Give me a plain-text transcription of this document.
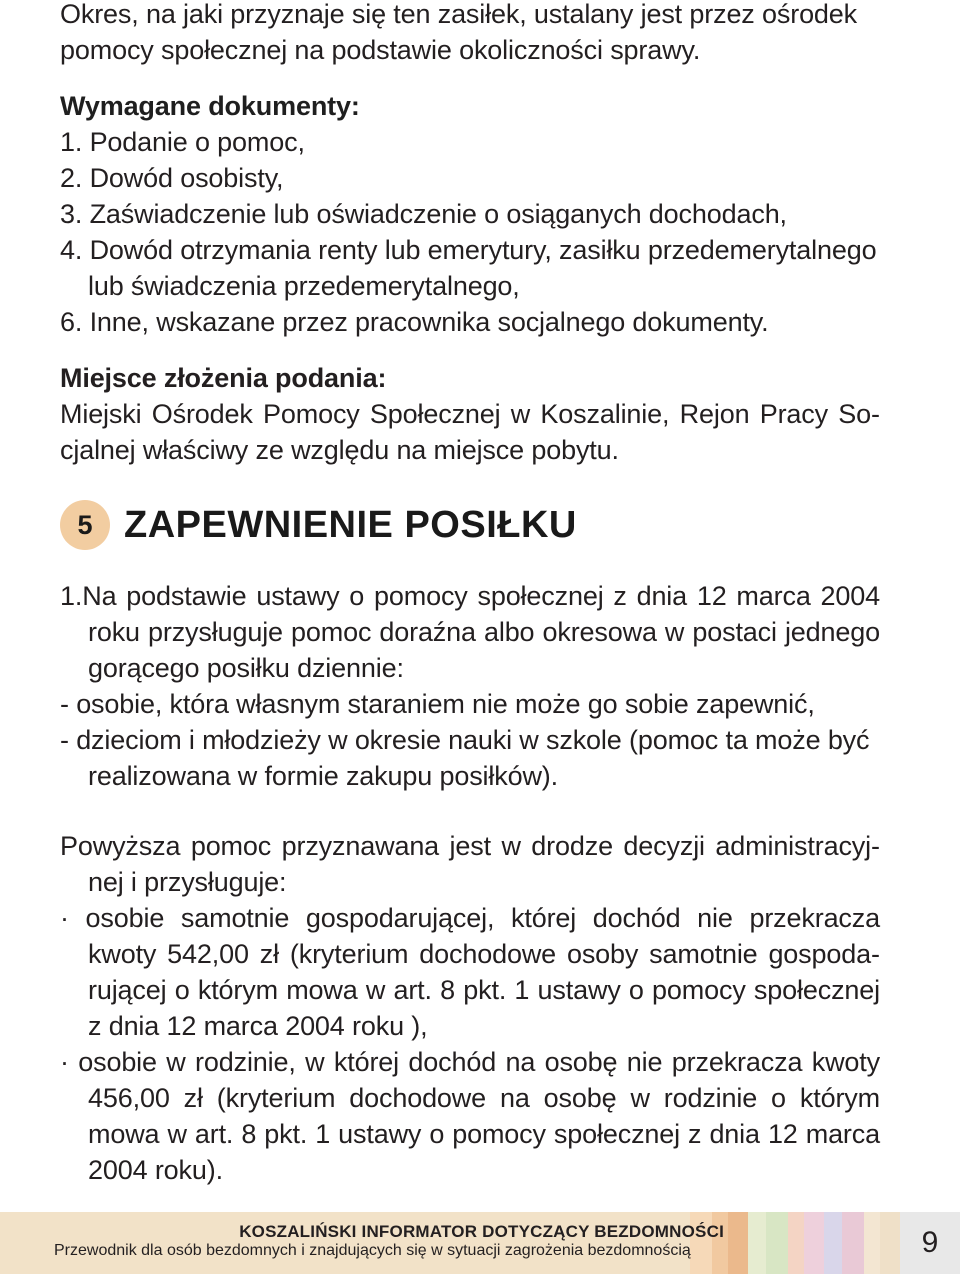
Okres, na jaki przyznaje się ten zasiłek, ustalany jest przez ośrodek pomocy społecznej na podstawie okoliczności sprawy.
Wymagane dokumenty:
1. Podanie o pomoc,
2. Dowód osobisty,
3. Zaświadczenie lub oświadczenie o osiąganych dochodach,
4. Dowód otrzymania renty lub emerytury, zasiłku przedemerytalnego lub świadczenia przedemerytalnego,
6. Inne, wskazane przez pracownika socjalnego dokumenty.
Miejsce złożenia podania:
Miejski Ośrodek Pomocy Społecznej w Koszalinie, Rejon Pracy Socjalnej właściwy ze względu na miejsce pobytu.
5 ZAPEWNIENIE POSIŁKU
1.Na podstawie ustawy o pomocy społecznej z dnia 12 marca 2004 roku przysługuje pomoc doraźna albo okresowa w postaci jednego gorącego posiłku dziennie:
- osobie, która własnym staraniem nie może go sobie zapewnić,
- dzieciom i młodzieży w okresie nauki w szkole (pomoc ta może być realizowana w formie zakupu posiłków).
Powyższa pomoc przyznawana jest w drodze decyzji administracyjnej i przysługuje:
· osobie samotnie gospodarującej, której dochód nie przekracza kwoty 542,00 zł (kryterium dochodowe osoby samotnie gospodarującej o którym mowa w art. 8 pkt. 1 ustawy o pomocy społecznej z dnia 12 marca 2004 roku ),
· osobie w rodzinie, w której dochód na osobę nie przekracza kwoty 456,00 zł (kryterium dochodowe na osobę w rodzinie o którym mowa w art. 8 pkt. 1 ustawy o pomocy społecznej z dnia 12 marca 2004 roku).
KOSZALIŃSKI INFORMATOR DOTYCZĄCY BEZDOMNOŚCI
Przewodnik dla osób bezdomnych i znajdujących się w sytuacji zagrożenia bezdomnością	9
